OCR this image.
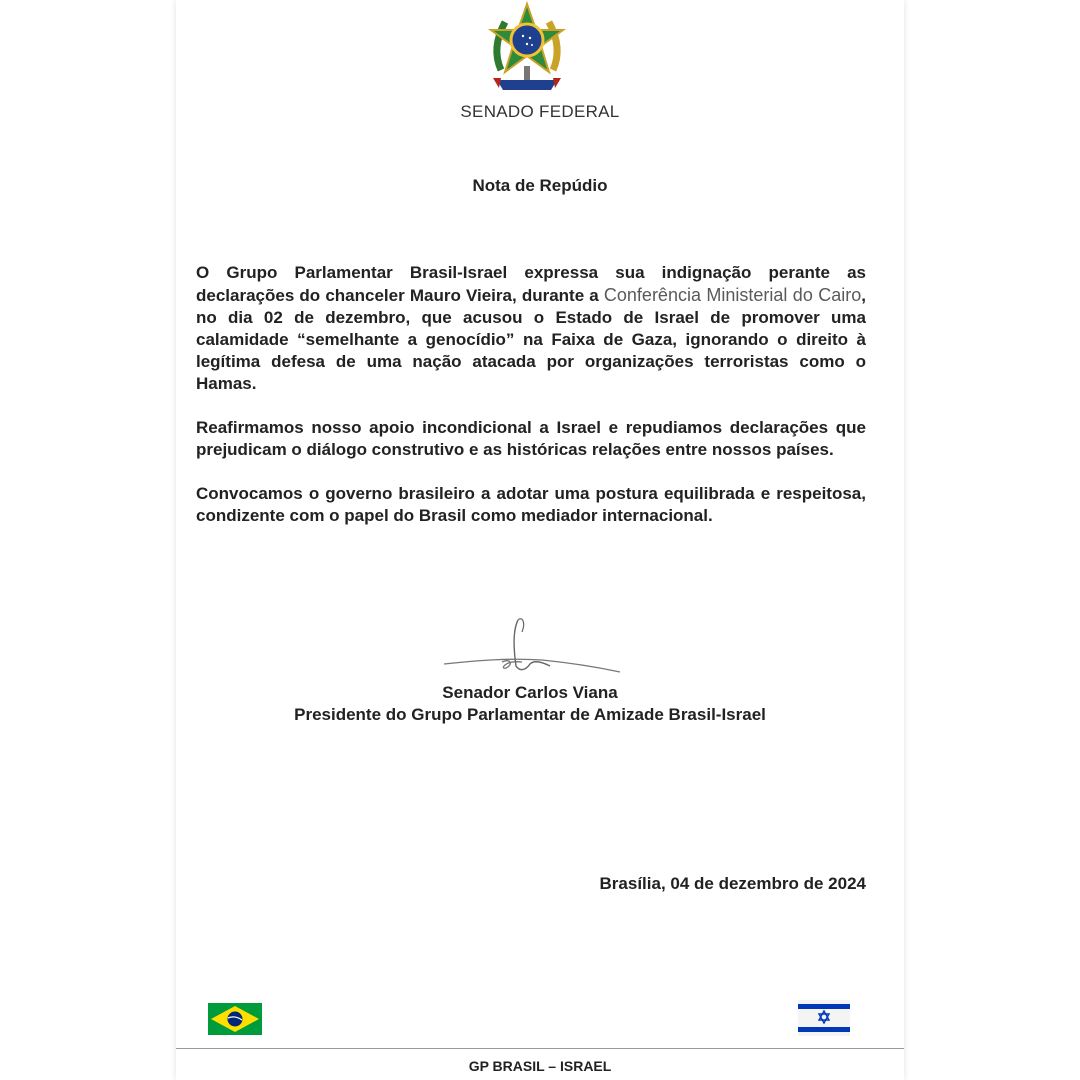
SENADO FEDERAL
Nota de Repúdio

O Grupo Parlamentar Brasil-Israel expressa sua indignação perante as declarações do chanceler Mauro Vieira, durante a Conferência Ministerial do Cairo, no dia 02 de dezembro, que acusou o Estado de Israel de promover uma calamidade “semelhante a genocídio” na Faixa de Gaza, ignorando o direito à legítima defesa de uma nação atacada por organizações terroristas como o Hamas.

Reafirmamos nosso apoio incondicional a Israel e repudiamos declarações que prejudicam o diálogo construtivo e as históricas relações entre nossos países.

Convocamos o governo brasileiro a adotar uma postura equilibrada e respeitosa, condizente com o papel do Brasil como mediador internacional.

Senador Carlos Viana
Presidente do Grupo Parlamentar de Amizade Brasil-Israel
Brasília, 04 de dezembro de 2024
GP BRASIL – ISRAEL
